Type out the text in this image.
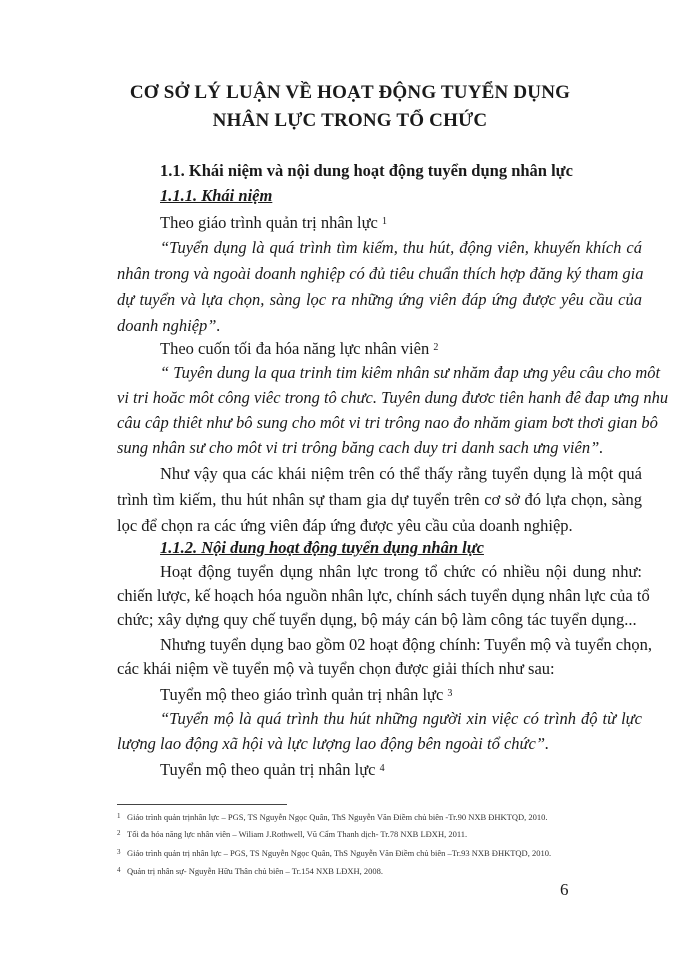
CƠ SỞ LÝ LUẬN VỀ HOẠT ĐỘNG TUYỂN DỤNG
NHÂN LỰC TRONG TỔ CHỨC
1.1. Khái niệm và nội dung hoạt động tuyển dụng nhân lực
1.1.1. Khái niệm
Theo giáo trình quản trị nhân lực $^1$
“Tuyển dụng là quá trình tìm kiếm, thu hút, động viên, khuyến khích cá
nhân trong và ngoài doanh nghiệp có đủ tiêu chuẩn thích hợp đăng ký tham gia
dự tuyển và lựa chọn, sàng lọc ra những ứng viên đáp ứng được yêu cầu của
doanh nghiệp”.
Theo cuốn tối đa hóa năng lực nhân viên $^2$
“ Tuyên dung la qua trinh tim kiêm nhân sư nhăm đap ưng yêu câu cho môt
vi tri hoăc môt công viêc trong tô chưc. Tuyên dung đươc tiên hanh đê đap ưng nhu
câu câp thiêt như bô sung cho môt vi tri trông nao đo nhăm giam bơt thơi gian bô
sung nhân sư cho môt vi tri trông băng cach duy tri danh sach ưng viên”.
Như vậy qua các khái niệm trên có thể thấy rằng tuyển dụng là một quá
trình tìm kiếm, thu hút nhân sự tham gia dự tuyển trên cơ sở đó lựa chọn, sàng
lọc để chọn ra các ứng viên đáp ứng được yêu cầu của doanh nghiệp.
1.1.2. Nội dung hoạt động tuyển dụng nhân lực
Hoạt động tuyển dụng nhân lực trong tổ chức có nhiều nội dung như:
chiến lược, kế hoạch hóa nguồn nhân lực, chính sách tuyển dụng nhân lực của tổ
chức; xây dựng quy chế tuyển dụng, bộ máy cán bộ làm công tác tuyển dụng...
Nhưng tuyển dụng bao gồm 02 hoạt động chính: Tuyển mộ và tuyển chọn,
các khái niệm về tuyển mộ và tuyển chọn được giải thích như sau:
Tuyển mộ theo giáo trình quản trị nhân lực $^3$
“Tuyển mộ là quá trình thu hút những người xin việc có trình độ từ lực
lượng lao động xã hội và lực lượng lao động bên ngoài tổ chức”.
Tuyển mộ theo quản trị nhân lực $^4$
1 Giáo trình quản trịnhân lực – PGS, TS Nguyễn Ngọc Quân, ThS Nguyễn Văn Điềm chủ biên -Tr.90 NXB ĐHKTQD, 2010.
2 Tối đa hóa năng lực nhân viên – Wiliam J.Rothwell, Vũ Cẩm Thanh dịch- Tr.78 NXB LĐXH, 2011.
3 Giáo trình quản trị nhân lực – PGS, TS Nguyễn Ngọc Quân, ThS Nguyễn Văn Điềm chủ biên –Tr.93 NXB ĐHKTQD, 2010.
4 Quản trị nhân sự- Nguyễn Hữu Thân chủ biên – Tr.154 NXB LĐXH, 2008.
6
